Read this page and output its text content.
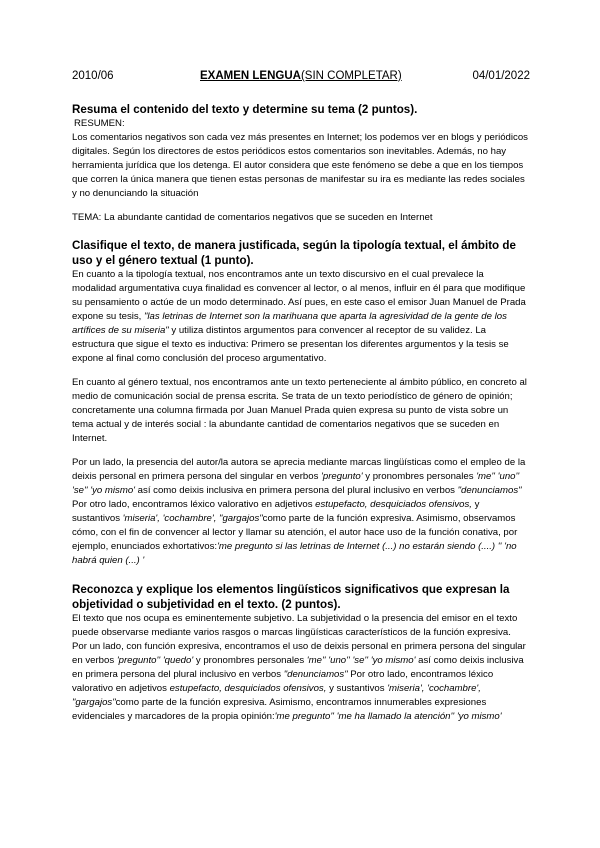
2010/06	EXAMEN LENGUA(SIN COMPLETAR)	04/01/2022
Resuma el contenido del texto y determine su tema (2 puntos).
RESUMEN:

Los comentarios negativos son cada vez más presentes en Internet; los podemos ver en blogs y periódicos digitales. Según los directores de estos periódicos estos comentarios son inevitables. Además, no hay herramienta jurídica que los detenga. El autor considera que este fenómeno se debe a que en los tiempos que corren la única manera que tienen estas personas de manifestar su ira es mediante las redes sociales y no denunciando la situación

TEMA: La abundante cantidad de comentarios negativos que se suceden en Internet

Clasifique el texto, de manera justificada, según la tipología textual, el ámbito de uso y el género textual (1 punto).

En cuanto a la tipología textual, nos encontramos ante un texto discursivo en el cual prevalece la modalidad argumentativa cuya finalidad es convencer al lector, o al menos, influir en él para que modifique su pensamiento o actúe de un modo determinado. Así pues, en este caso el emisor Juan Manuel de Prada expone su tesis, "las letrinas de Internet son la marihuana que aparta la agresividad de la gente de los artífices de su miseria" y utiliza distintos argumentos para convencer al receptor de su validez. La estructura que sigue el texto es inductiva: Primero se presentan los diferentes argumentos y la tesis se expone al final como conclusión del proceso argumentativo.

En cuanto al género textual, nos encontramos ante un texto perteneciente al ámbito público, en concreto al medio de comunicación social de prensa escrita. Se trata de un texto periodístico de género de opinión; concretamente una columna firmada por Juan Manuel Prada quien expresa su punto de vista sobre un tema actual y de interés social : la abundante cantidad de comentarios negativos que se suceden en Internet.

Por un lado, la presencia del autor/la autora se aprecia mediante marcas lingüísticas como el empleo de la deixis personal en primera persona del singular en verbos 'pregunto' y pronombres personales 'me'' 'uno'' 'se'' 'yo mismo' así como deixis inclusiva en primera persona del plural inclusivo en verbos "denunciamos" Por otro lado, encontramos léxico valorativo en adjetivos estupefacto, desquiciados ofensivos, y sustantivos 'miseria', 'cochambre', "gargajos"como parte de la función expresiva. Asimismo, observamos cómo, con el fin de convencer al lector y llamar su atención, el autor hace uso de la función conativa, por ejemplo, enunciados exhortativos:'me pregunto si las letrinas de Internet (...) no estarán siendo (....) '' 'no habrá quien (...) '

Reconozca y explique los elementos lingüísticos significativos que expresan la objetividad o subjetividad en el texto. (2 puntos).

El texto que nos ocupa es eminentemente subjetivo. La subjetividad o la presencia del emisor en el texto puede observarse mediante varios rasgos o marcas lingüísticas característicos de la función expresiva.

Por un lado, con función expresiva, encontramos el uso de deixis personal en primera persona del singular en verbos 'pregunto'' 'quedo' y pronombres personales 'me'' 'uno'' 'se'' 'yo mismo' así como deixis inclusiva en primera persona del plural inclusivo en verbos "denunciamos" Por otro lado, encontramos léxico valorativo en adjetivos estupefacto, desquiciados ofensivos, y sustantivos 'miseria', 'cochambre', "gargajos"como parte de la función expresiva. Asimismo, encontramos innumerables expresiones evidenciales y marcadores de la propia opinión:'me pregunto'' 'me ha llamado la atención'' 'yo mismo'
